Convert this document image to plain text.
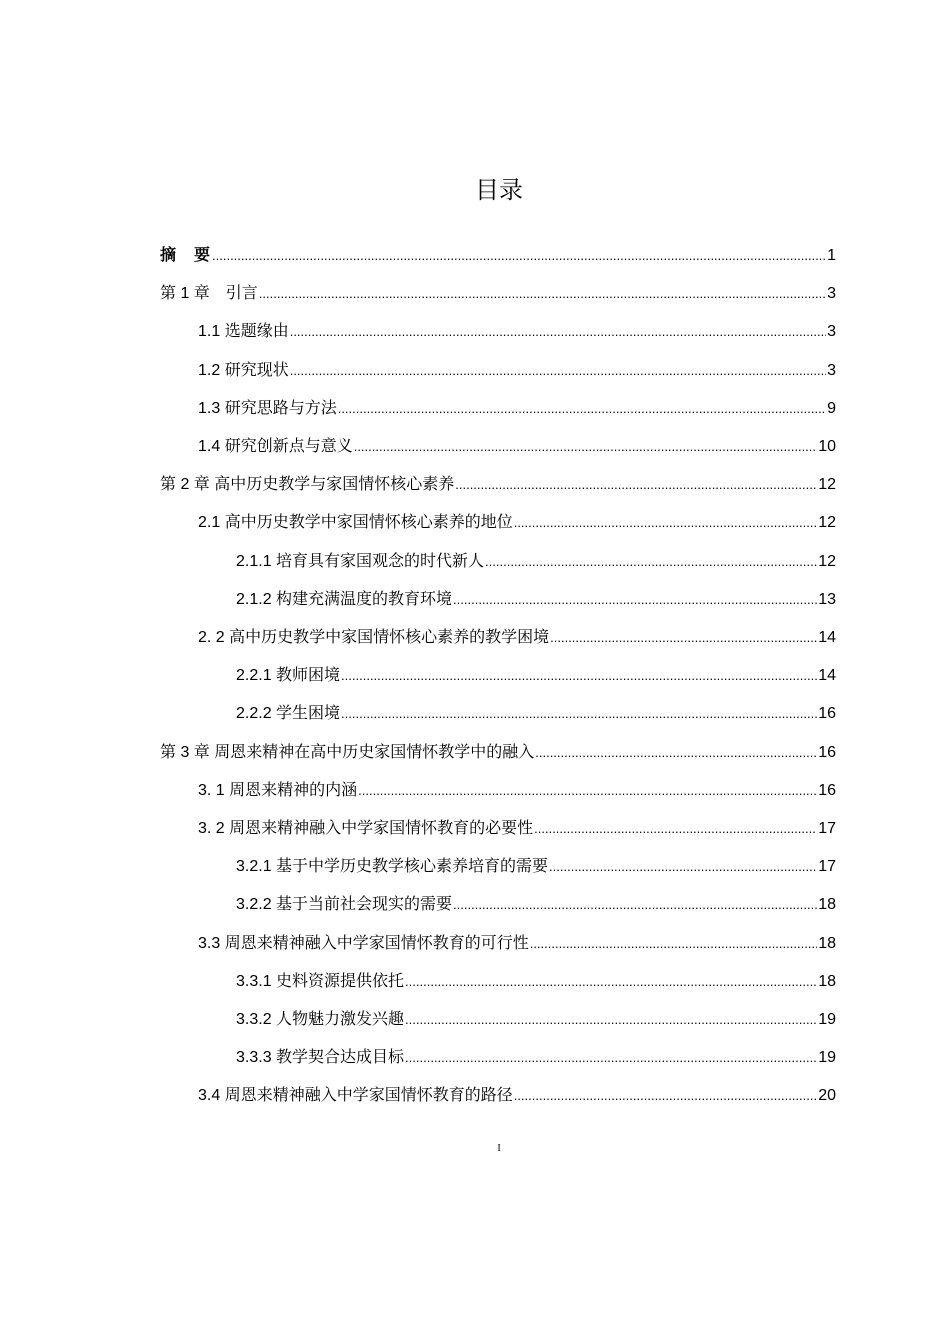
目录
摘　要 .....	1
第 1 章　引言 .....	3
1.1 选题缘由 .....	3
1.2 研究现状 .....	3
1.3 研究思路与方法 .....	9
1.4 研究创新点与意义 .....	10
第 2 章 高中历史教学与家国情怀核心素养 .....	12
2.1 高中历史教学中家国情怀核心素养的地位 .....	12
2.1.1 培育具有家国观念的时代新人 .....	12
2.1.2 构建充满温度的教育环境 .....	13
2. 2 高中历史教学中家国情怀核心素养的教学困境 .....	14
2.2.1 教师困境 .....	14
2.2.2 学生困境 .....	16
第 3 章 周恩来精神在高中历史家国情怀教学中的融入 .....	16
3. 1 周恩来精神的内涵 .....	16
3. 2 周恩来精神融入中学家国情怀教育的必要性 .....	17
3.2.1 基于中学历史教学核心素养培育的需要 .....	17
3.2.2 基于当前社会现实的需要 .....	18
3.3 周恩来精神融入中学家国情怀教育的可行性 .....	18
3.3.1 史料资源提供依托 .....	18
3.3.2 人物魅力激发兴趣 .....	19
3.3.3 教学契合达成目标 .....	19
3.4 周恩来精神融入中学家国情怀教育的路径 .....	20
I
